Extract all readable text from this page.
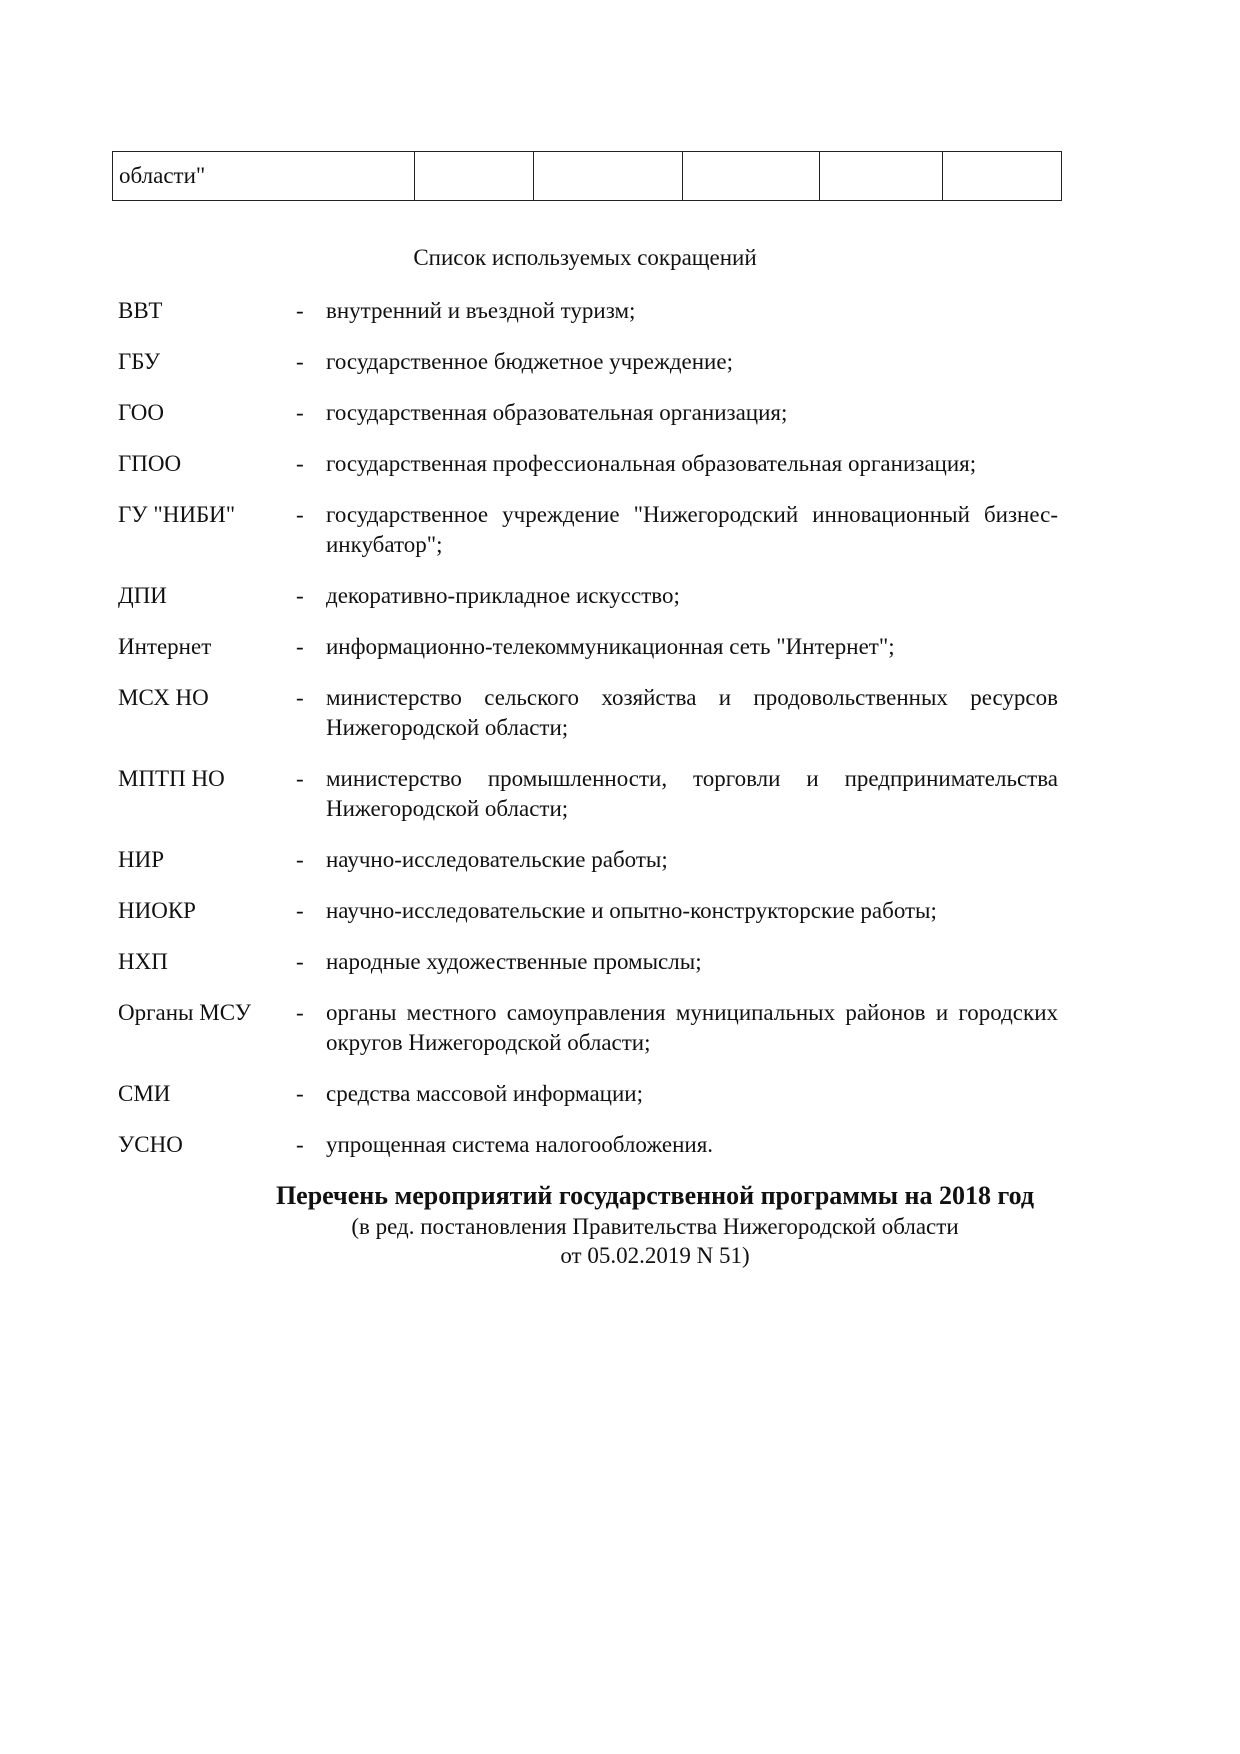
области"					
Список используемых сокращений
ВВТ	- внутренний и въездной туризм;
ГБУ	- государственное бюджетное учреждение;
ГОО	- государственная образовательная организация;
ГПОО	- государственная профессиональная образовательная организация;
ГУ "НИБИ"	- государственное учреждение "Нижегородский инновационный бизнес-инкубатор";
ДПИ	- декоративно-прикладное искусство;
Интернет	- информационно-телекоммуникационная сеть "Интернет";
МСХ НО	- министерство сельского хозяйства и продовольственных ресурсов Нижегородской области;
МПТП НО	- министерство промышленности, торговли и предпринимательства Нижегородской области;
НИР	- научно-исследовательские работы;
НИОКР	- научно-исследовательские и опытно-конструкторские работы;
НХП	- народные художественные промыслы;
Органы МСУ	- органы местного самоуправления муниципальных районов и городских округов Нижегородской области;
СМИ	- средства массовой информации;
УСНО	- упрощенная система налогообложения.
Перечень мероприятий государственной программы на 2018 год
(в ред. постановления Правительства Нижегородской области
от 05.02.2019 N 51)
